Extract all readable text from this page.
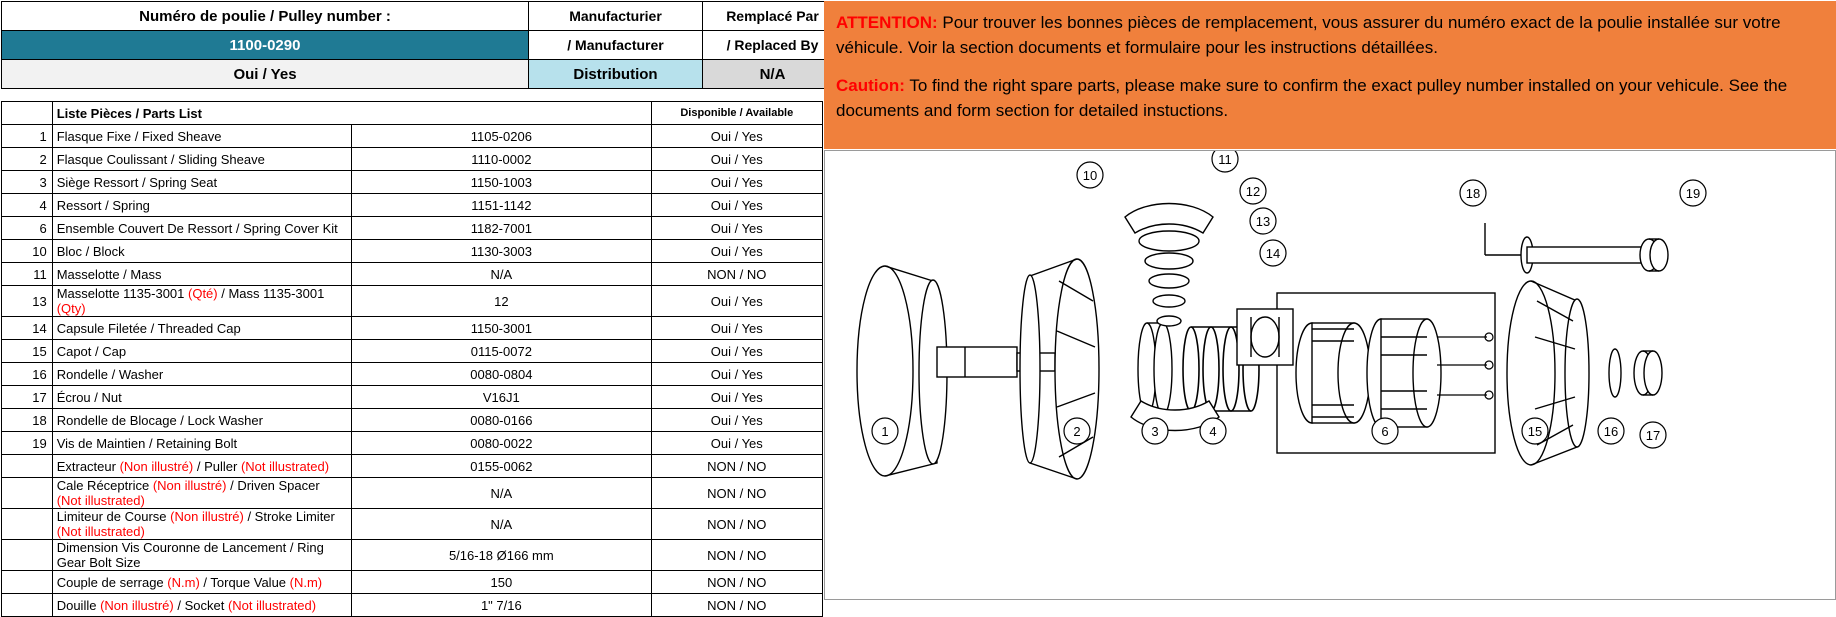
Numéro de poulie / Pulley number :	Manufacturier	Remplacé Par
1100-0290	/ Manufacturer	/ Replaced By
Oui / Yes	Distribution	N/A
	Liste Pièces / Parts List		Disponible / Available
1	Flasque Fixe / Fixed Sheave	1105-0206	Oui / Yes
2	Flasque Coulissant / Sliding Sheave	1110-0002	Oui / Yes
3	Siège Ressort / Spring Seat	1150-1003	Oui / Yes
4	Ressort / Spring	1151-1142	Oui / Yes
6	Ensemble Couvert De Ressort / Spring Cover Kit	1182-7001	Oui / Yes
10	Bloc / Block	1130-3003	Oui / Yes
11	Masselotte / Mass	N/A	NON / NO
13	Masselotte 1135-3001 (Qté) / Mass 1135-3001 (Qty)	12	Oui / Yes
14	Capsule Filetée / Threaded Cap	1150-3001	Oui / Yes
15	Capot / Cap	0115-0072	Oui / Yes
16	Rondelle / Washer	0080-0804	Oui / Yes
17	Écrou / Nut	V16J1	Oui / Yes
18	Rondelle de Blocage / Lock Washer	0080-0166	Oui / Yes
19	Vis de Maintien / Retaining Bolt	0080-0022	Oui / Yes
	Extracteur (Non illustré) / Puller (Not illustrated)	0155-0062	NON / NO
	Cale Réceptrice (Non illustré) / Driven Spacer (Not illustrated)	N/A	NON / NO
	Limiteur de Course (Non illustré) / Stroke Limiter (Not illustrated)	N/A	NON / NO
	Dimension Vis Couronne de Lancement / Ring Gear Bolt Size	5/16-18 Ø166 mm	NON / NO
	Couple de serrage (N.m) / Torque Value (N.m)	150	NON / NO
	Douille (Non illustré) / Socket (Not illustrated)	1" 7/16	NON / NO

ATTENTION: Pour trouver les bonnes pièces de remplacement, vous assurer du numéro exact de la poulie installée sur votre véhicule. Voir la section documents et formulaire pour les instructions détaillées.

Caution: To find the right spare parts, please make sure to confirm the exact pulley number installed on your vehicule. See the documents and form section for detailed instuctions.

10
11
12
13
14
18	19
1	2	3	4	6	15	16 17
